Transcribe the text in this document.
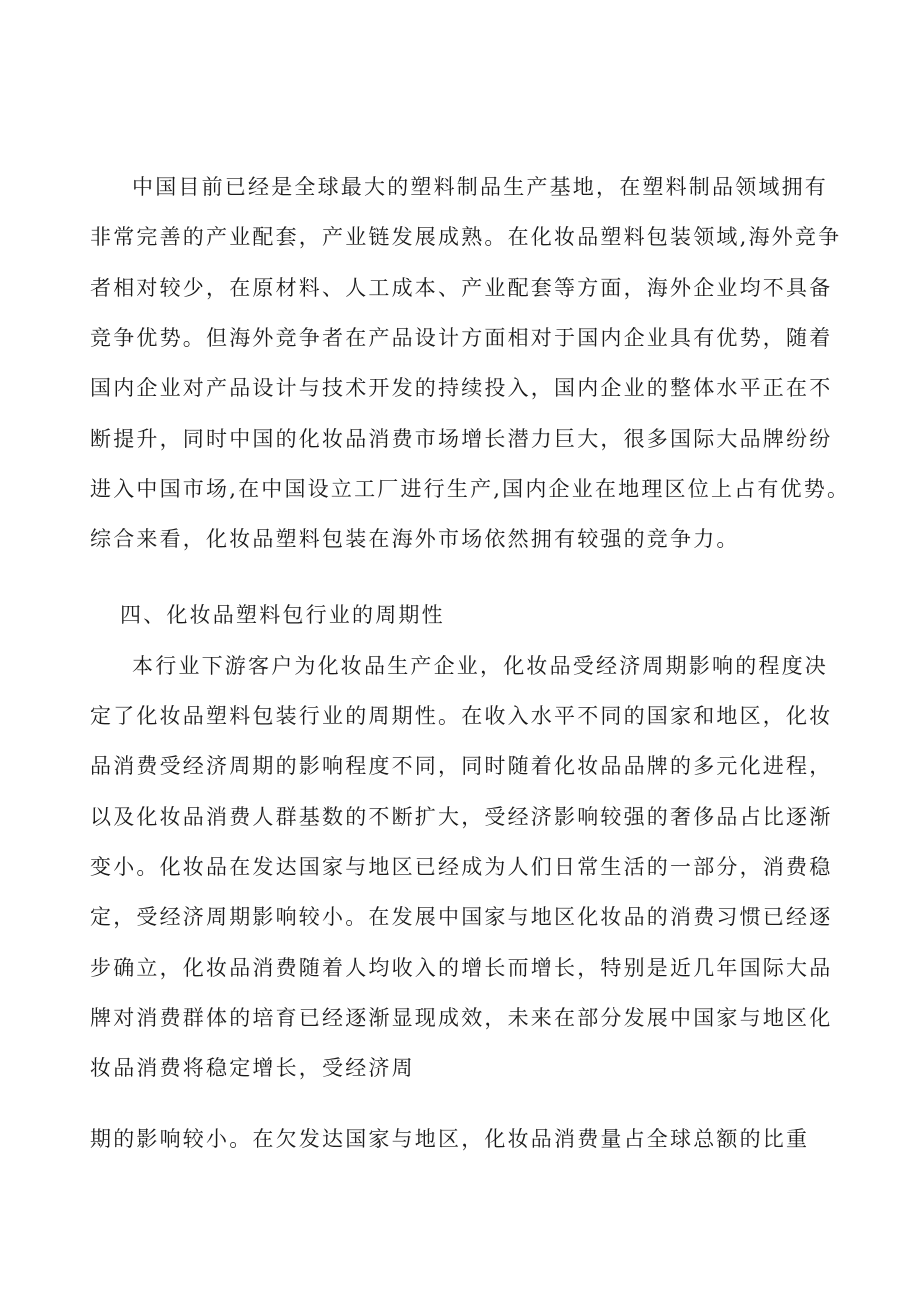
中国目前已经是全球最大的塑料制品生产基地，在塑料制品领域拥有
非常完善的产业配套，产业链发展成熟。在化妆品塑料包装领域,海外竞争
者相对较少，在原材料、人工成本、产业配套等方面，海外企业均不具备
竞争优势。但海外竞争者在产品设计方面相对于国内企业具有优势，随着
国内企业对产品设计与技术开发的持续投入，国内企业的整体水平正在不
断提升，同时中国的化妆品消费市场增长潜力巨大，很多国际大品牌纷纷
进入中国市场,在中国设立工厂进行生产,国内企业在地理区位上占有优势。
综合来看，化妆品塑料包装在海外市场依然拥有较强的竞争力。
四、化妆品塑料包行业的周期性
本行业下游客户为化妆品生产企业，化妆品受经济周期影响的程度决
定了化妆品塑料包装行业的周期性。在收入水平不同的国家和地区，化妆
品消费受经济周期的影响程度不同，同时随着化妆品品牌的多元化进程，
以及化妆品消费人群基数的不断扩大，受经济影响较强的奢侈品占比逐渐
变小。化妆品在发达国家与地区已经成为人们日常生活的一部分，消费稳
定，受经济周期影响较小。在发展中国家与地区化妆品的消费习惯已经逐
步确立，化妆品消费随着人均收入的增长而增长，特别是近几年国际大品
牌对消费群体的培育已经逐渐显现成效，未来在部分发展中国家与地区化
妆品消费将稳定增长，受经济周
期的影响较小。在欠发达国家与地区，化妆品消费量占全球总额的比重
